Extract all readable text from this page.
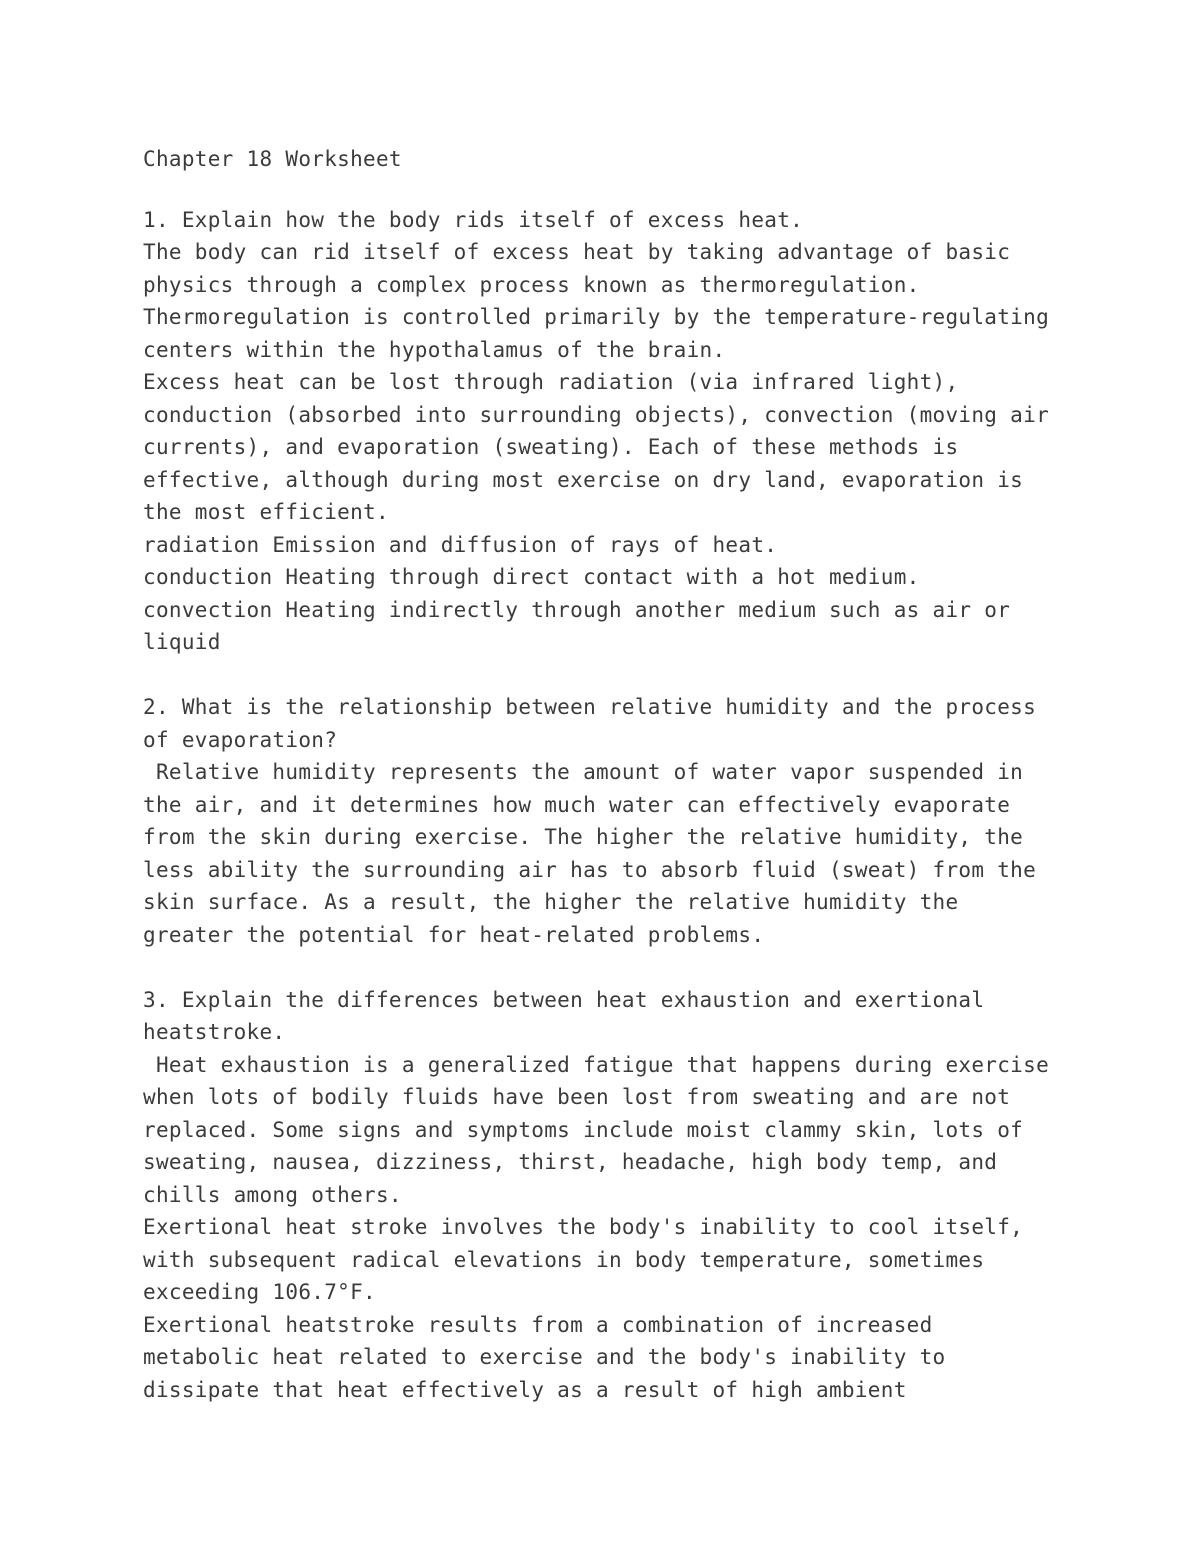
Chapter 18 Worksheet
1. Explain how the body rids itself of excess heat.
The body can rid itself of excess heat by taking advantage of basic
physics through a complex process known as thermoregulation.
Thermoregulation is controlled primarily by the temperature-regulating
centers within the hypothalamus of the brain.
Excess heat can be lost through radiation (via infrared light),
conduction (absorbed into surrounding objects), convection (moving air
currents), and evaporation (sweating). Each of these methods is
effective, although during most exercise on dry land, evaporation is
the most efficient.
radiation Emission and diffusion of rays of heat.
conduction Heating through direct contact with a hot medium.
convection Heating indirectly through another medium such as air or
liquid
2. What is the relationship between relative humidity and the process
of evaporation?
Relative humidity represents the amount of water vapor suspended in
the air, and it determines how much water can effectively evaporate
from the skin during exercise. The higher the relative humidity, the
less ability the surrounding air has to absorb fluid (sweat) from the
skin surface. As a result, the higher the relative humidity the
greater the potential for heat-related problems.
3. Explain the differences between heat exhaustion and exertional
heatstroke.
Heat exhaustion is a generalized fatigue that happens during exercise
when lots of bodily fluids have been lost from sweating and are not
replaced. Some signs and symptoms include moist clammy skin, lots of
sweating, nausea, dizziness, thirst, headache, high body temp, and
chills among others.
Exertional heat stroke involves the body's inability to cool itself,
with subsequent radical elevations in body temperature, sometimes
exceeding 106.7°F.
Exertional heatstroke results from a combination of increased
metabolic heat related to exercise and the body's inability to
dissipate that heat effectively as a result of high ambient
